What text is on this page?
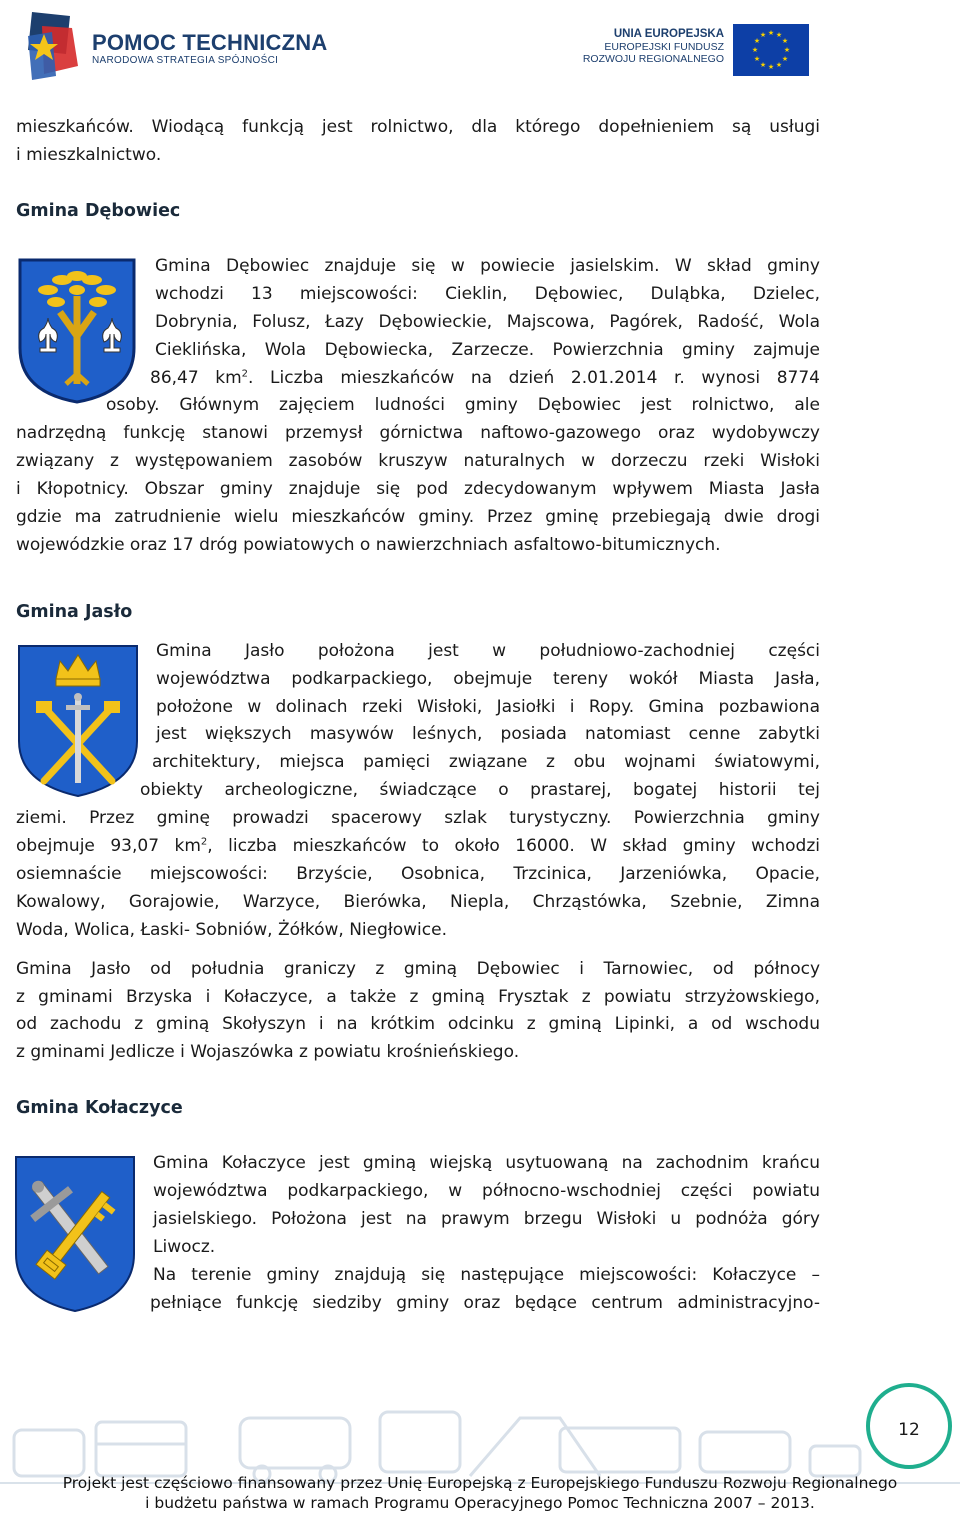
POMOC TECHNICZNA
NARODOWA STRATEGIA SPÓJNOŚCI
UNIA EUROPEJSKA
EUROPEJSKI FUNDUSZ
ROZWOJU REGIONALNEGO
★ ★
★
★
★
★
★
★
★
★
★
★

mieszkańców. Wiodącą funkcją jest rolnictwo, dla którego dopełnieniem są usługi

i mieszkalnictwo.

Gmina Dębowiec

Gmina Dębowiec znajduje się w powiecie jasielskim. W skład gminy

wchodzi 13 miejscowości: Cieklin, Dębowiec, Duląbka, Dzielec,

Dobrynia, Folusz, Łazy Dębowieckie, Majscowa, Pagórek, Radość, Wola

Cieklińska, Wola Dębowiecka, Zarzecze. Powierzchnia gminy zajmuje

86,47 $km^2$. Liczba mieszkańców na dzień 2.01.2014 r. wynosi 8774

osoby. Głównym zajęciem ludności gminy Dębowiec jest rolnictwo, ale

nadrzędną funkcję stanowi przemysł górnictwa naftowo-gazowego oraz wydobywczy

związany z występowaniem zasobów kruszyw naturalnych w dorzeczu rzeki Wisłoki

i Kłopotnicy. Obszar gminy znajduje się pod zdecydowanym wpływem Miasta Jasła

gdzie ma zatrudnienie wielu mieszkańców gminy. Przez gminę przebiegają dwie drogi

wojewódzkie oraz 17 dróg powiatowych o nawierzchniach asfaltowo-bitumicznych.

Gmina Jasło

Gmina Jasło położona jest w południowo-zachodniej części

województwa podkarpackiego, obejmuje tereny wokół Miasta Jasła,

położone w dolinach rzeki Wisłoki, Jasiołki i Ropy. Gmina pozbawiona

jest większych masywów leśnych, posiada natomiast cenne zabytki

architektury, miejsca pamięci związane z obu wojnami światowymi,

obiekty archeologiczne, świadczące o prastarej, bogatej historii tej

ziemi. Przez gminę prowadzi spacerowy szlak turystyczny. Powierzchnia gminy

obejmuje 93,07 $km^2$, liczba mieszkańców to około 16000. W skład gminy wchodzi

osiemnaście miejscowości: Brzyście, Osobnica, Trzcinica, Jarzeniówka, Opacie,

Kowalowy, Gorajowie, Warzyce, Bierówka, Niepla, Chrząstówka, Szebnie, Zimna

Woda, Wolica, Łaski- Sobniów, Żółków, Niegłowice.

Gmina Jasło od południa graniczy z gminą Dębowiec i Tarnowiec, od północy

z gminami Brzyska i Kołaczyce, a także z gminą Frysztak z powiatu strzyżowskiego,

od zachodu z gminą Skołyszyn i na krótkim odcinku z gminą Lipinki, a od wschodu

z gminami Jedlicze i Wojaszówka z powiatu krośnieńskiego.

Gmina Kołaczyce

Gmina Kołaczyce jest gminą wiejską usytuowaną na zachodnim krańcu

województwa podkarpackiego, w północno-wschodniej części powiatu

jasielskiego. Położona jest na prawym brzegu Wisłoki u podnóża góry

Liwocz.

Na terenie gminy znajdują się następujące miejscowości: Kołaczyce –

pełniące funkcję siedziby gminy oraz będące centrum administracyjno-

12
Projekt jest częściowo finansowany przez Unię Europejską z Europejskiego Funduszu Rozwoju Regionalnego
i budżetu państwa w ramach Programu Operacyjnego Pomoc Techniczna 2007 – 2013.
